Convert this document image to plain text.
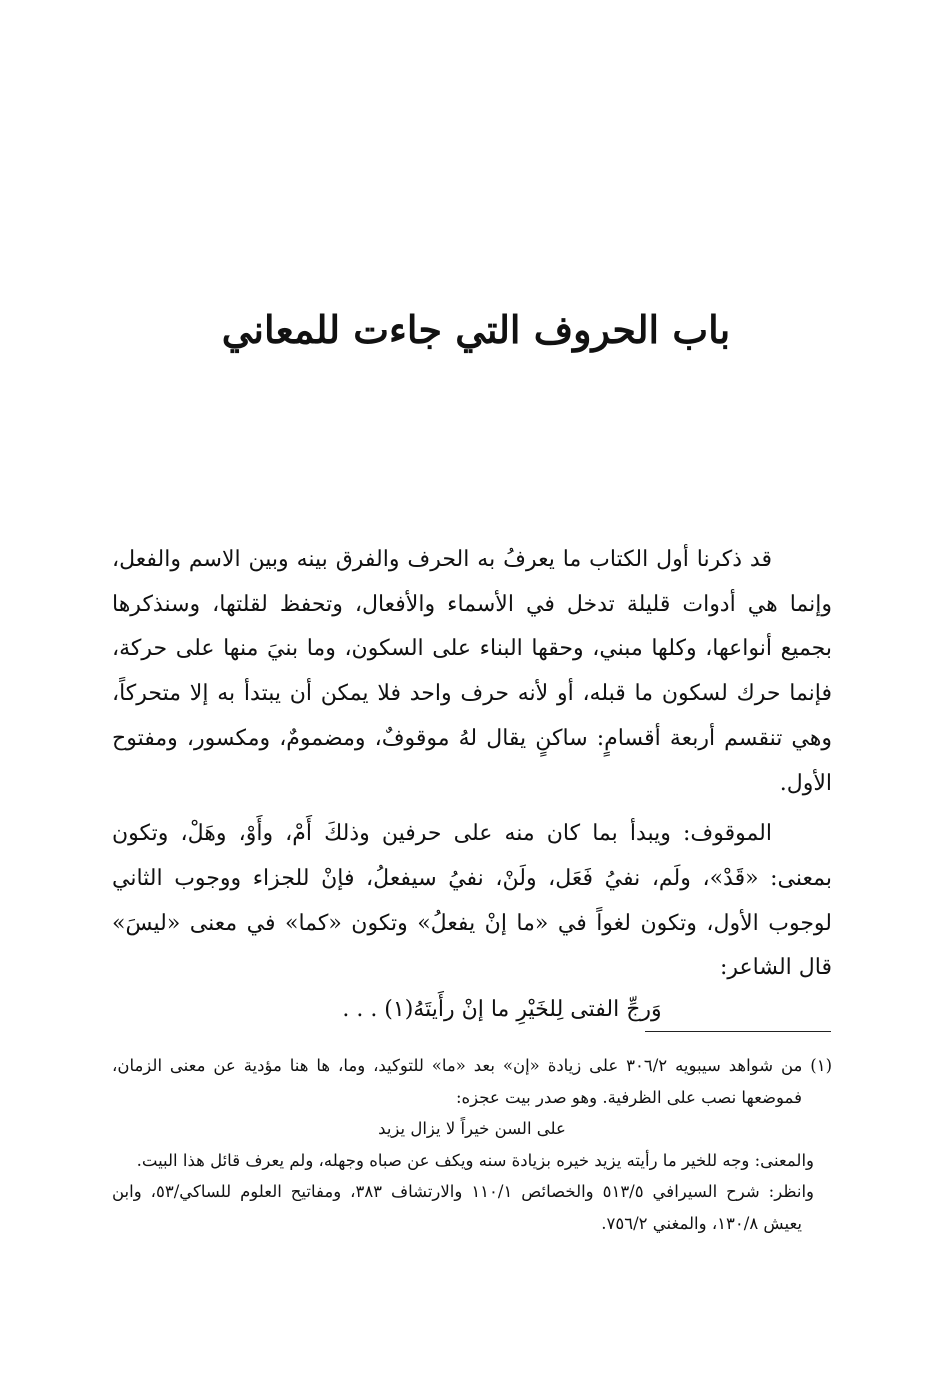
باب الحروف التي جاءت للمعاني

قد ذكرنا أول الكتاب ما يعرفُ به الحرف والفرق بينه وبين الاسم والفعل، وإنما هي أدوات قليلة تدخل في الأسماء والأفعال، وتحفظ لقلتها، وسنذكرها بجميع أنواعها، وكلها مبني، وحقها البناء على السكون، وما بنيَ منها على حركة، فإنما حرك لسكون ما قبله، أو لأنه حرف واحد فلا يمكن أن يبتدأ به إلا متحركاً، وهي تنقسم أربعة أقسامٍ: ساكنٍ يقال لهُ موقوفٌ، ومضمومٌ، ومكسور، ومفتوح الأول.

الموقوف: ويبدأ بما كان منه على حرفين وذلكَ أَمْ، وأَوْ، وهَلْ، وتكون بمعنى: «قَدْ»، ولَم، نفيُ فَعَل، ولَنْ، نفيُ سيفعلُ، فإنْ للجزاء ووجوب الثاني لوجوب الأول، وتكون لغواً في «ما إنْ يفعلُ» وتكون «كما» في معنى «ليسَ» قال الشاعر:

وَرجِّ الفتى لِلخَيْرِ ما إنْ رأَيتَهُ(١) . . .

(١) من شواهد سيبويه ٣٠٦/٢ على زيادة «إن» بعد «ما» للتوكيد، وما، ها هنا مؤدية عن معنى الزمان، فموضعها نصب على الظرفية. وهو صدر بيت عجزه:

على السن خيراً لا يزال يزيد

والمعنى: وجه للخير ما رأيته يزيد خيره بزيادة سنه ويكف عن صباه وجهله، ولم يعرف قائل هذا البيت.

وانظر: شرح السيرافي ٥١٣/٥ والخصائص ١١٠/١ والارتشاف ٣٨٣، ومفاتيح العلوم للساكي/٥٣، وابن يعيش ١٣٠/٨، والمغني ٧٥٦/٢.
